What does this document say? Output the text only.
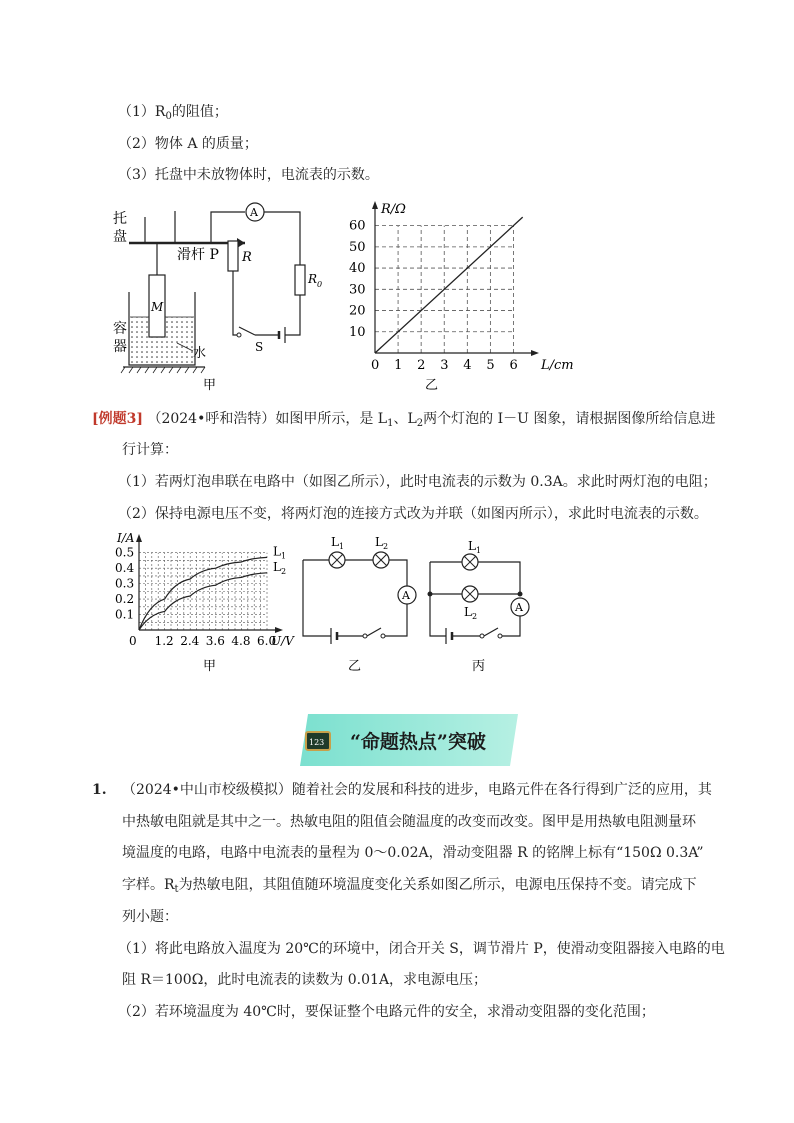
$(1)R_0$的阻值；
（2）物体 A 的质量；
（3）托盘中未放物体时，电流表的示数。
托
盘
滑杆 P R
A
$R_0$
S
M
容
器	水
甲
0 1 2 3 4 5 6
10
20
30
40
50
60
R/Ω
L/cm
乙
[例题3] （2024•呼和浩特）如图甲所示，是 $L_1$、$L_2$两个灯泡的 I－U 图象，请根据图像所给信息进
行计算：
（1）若两灯泡串联在电路中（如图乙所示），此时电流表的示数为 0.3A。求此时两灯泡的电阻；
（2）保持电源电压不变，将两灯泡的连接方式改为并联（如图丙所示），求此时电流表的示数。
0 1.2 2.4 3.6 4.8 6.0
0.1
0.2
0.3
0.4
0.5
I/A
U/V
$L_1$
$L_2$
甲
$L_1$	$L_2$
A
乙
$L_1$
$L_2$
A
丙
123 “命题热点”突破
1. （2024•中山市校级模拟）随着社会的发展和科技的进步，电路元件在各行得到广泛的应用，其
中热敏电阻就是其中之一。热敏电阻的阻值会随温度的改变而改变。图甲是用热敏电阻测量环
境温度的电路，电路中电流表的量程为 0～0.02A，滑动变阻器 R 的铭牌上标有“150Ω 0.3A”
字样。$R_t$为热敏电阻，其阻值随环境温度变化关系如图乙所示，电源电压保持不变。请完成下
列小题：
（1）将此电路放入温度为 20℃的环境中，闭合开关 S，调节滑片 P，使滑动变阻器接入电路的电
阻 R＝100Ω，此时电流表的读数为 0.01A，求电源电压；
（2）若环境温度为 40℃时，要保证整个电路元件的安全，求滑动变阻器的变化范围；
